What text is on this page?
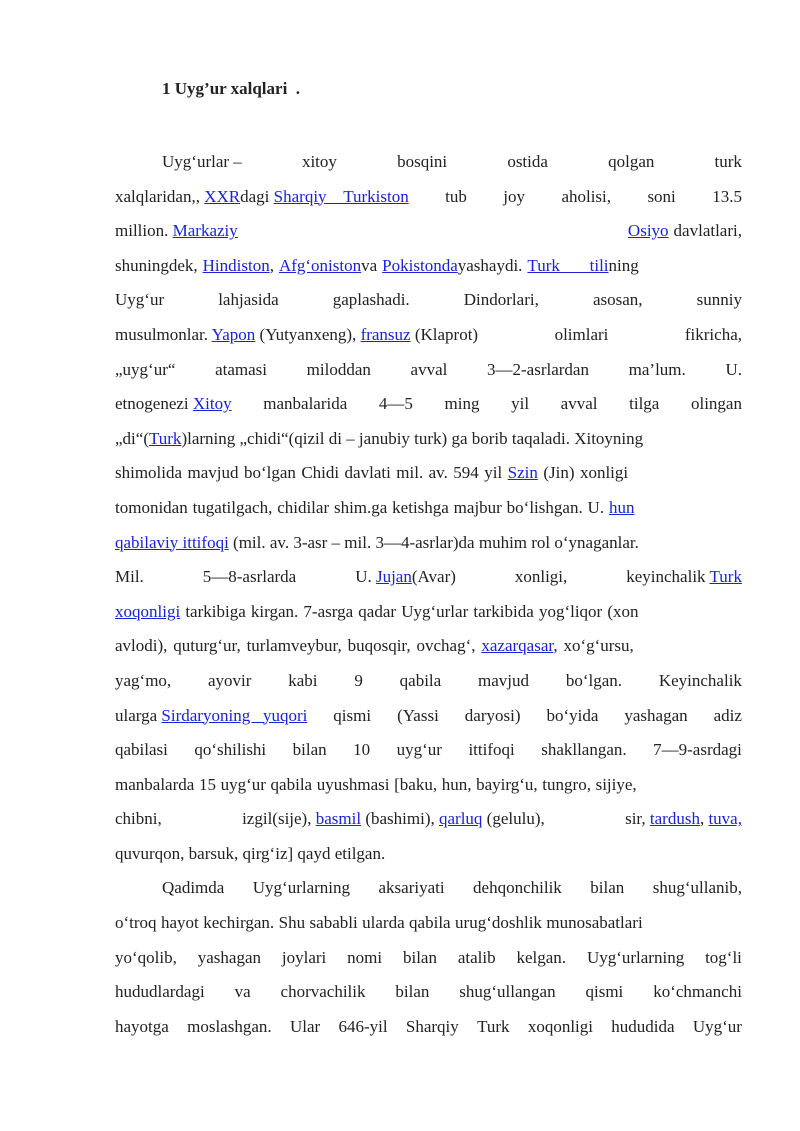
1 Uyg’ur xalqlari  .
Uyg‘urlar –	xitoy	bosqini	ostida	qolgan	turk
xalqlaridan,, XXRdagi Sharqiy    Turkiston tub joy aholisi, soni 13.5
million.
Markaziy	Osiyo davlatlari,
shuningdek, Hindiston, Afg‘oniston va Pokistonda yashaydi. Turk       tilining
Uyg‘ur	lahjasida	gaplashadi.	Dindorlari,	asosan,	sunniy
musulmonlar. Yapon (Yutyanxeng), fransuz (Klaprot)	olimlari	fikricha,
„uyg‘ur“ atamasi miloddan avval 3—2-asrlardan ma’lum. U.
etnogenezi Xitoy manbalarida 4—5 ming yil avval tilga olingan
„di“(Turk)larning „chidi“(qizil di – janubiy turk) ga borib taqaladi. Xitoyning
shimolida mavjud bo‘lgan Chidi davlati mil. av. 594 yil Szin (Jin) xonligi
tomonidan tugatilgach, chidilar shim.ga ketishga majbur bo‘lishgan. U. hun
qabilaviy ittifoqi (mil. av. 3-asr – mil. 3—4-asrlar)da muhim rol o‘ynaganlar.
Mil.	5—8-asrlarda	U. Jujan(Avar)	xonligi,	keyinchalik Turk
xoqonligi tarkibiga kirgan. 7-asrga qadar Uyg‘urlar tarkibida yog‘liqor (xon
avlodi), quturg‘ur, turlamveybur, buqosqir, ovchag‘, xazarqasar, xo‘g‘ursu,
yag‘mo, ayovir kabi 9 qabila mavjud bo‘lgan. Keyinchalik
ularga Sirdaryoning   yuqori qismi (Yassi daryosi) bo‘yida yashagan adiz
qabilasi qo‘shilishi bilan 10 uyg‘ur ittifoqi shakllangan. 7—9-asrdagi
manbalarda 15 uyg‘ur qabila uyushmasi [baku, hun, bayirg‘u, tungro, sijiye,
chibni,	izgil(sije), basmil (bashimi), qarluq (gelulu),	sir, tardush, tuva,
quvurqon, barsuk, qirg‘iz] qayd etilgan.
Qadimda Uyg‘urlarning aksariyati dehqonchilik bilan shug‘ullanib,
o‘troq hayot kechirgan. Shu sababli ularda qabila urug‘doshlik munosabatlari
yo‘qolib, yashagan joylari nomi bilan atalib kelgan. Uyg‘urlarning tog‘li
hududlardagi va chorvachilik bilan shug‘ullangan qismi ko‘chmanchi
hayotga moslashgan. Ular 646-yil Sharqiy Turk xoqonligi hududida Uyg‘ur
